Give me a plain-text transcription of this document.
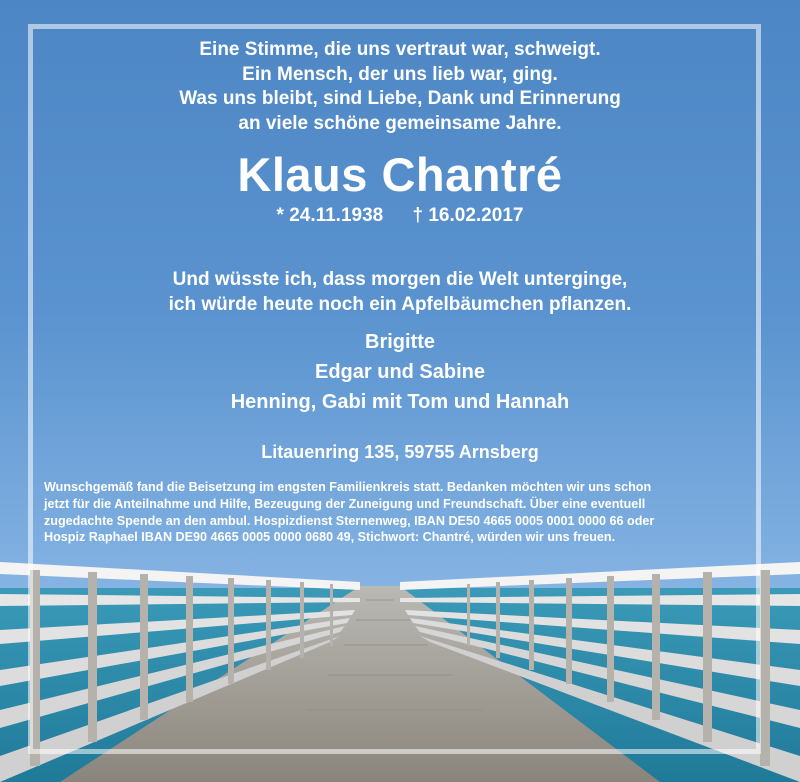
Eine Stimme, die uns vertraut war, schweigt.
Ein Mensch, der uns lieb war, ging.
Was uns bleibt, sind Liebe, Dank und Erinnerung
an viele schöne gemeinsame Jahre.
Klaus Chantré
* 24.11.1938 † 16.02.2017
Und wüsste ich, dass morgen die Welt unterginge,
ich würde heute noch ein Apfelbäumchen pflanzen.
Brigitte
Edgar und Sabine
Henning, Gabi mit Tom und Hannah
Litauenring 135, 59755 Arnsberg
Wunschgemäß fand die Beisetzung im engsten Familienkreis statt. Bedanken möchten wir uns schon
jetzt für die Anteilnahme und Hilfe, Bezeugung der Zuneigung und Freundschaft. Über eine eventuell
zugedachte Spende an den ambul. Hospizdienst Sternenweg, IBAN DE50 4665 0005 0001 0000 66 oder
Hospiz Raphael IBAN DE90 4665 0005 0000 0680 49, Stichwort: Chantré, würden wir uns freuen.
